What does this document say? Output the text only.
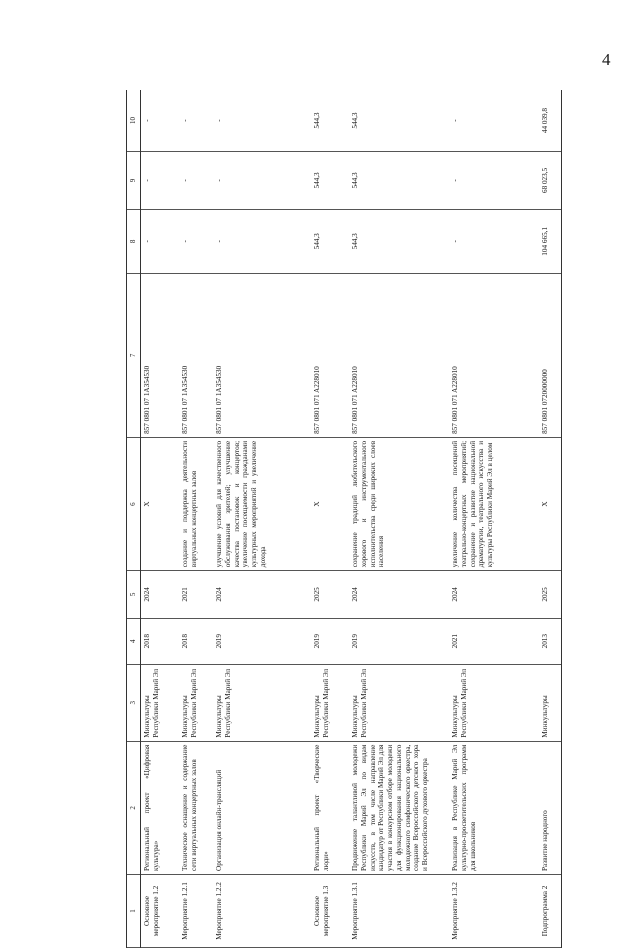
4
1	2	3	4	5	6	7	8	9	10
Основное мероприятие 1.2	Региональный проект «Цифровая культура»	Минкультуры Республики Марий Эл	2018	2024	Х	857 0801 07 1A354530	-	-	-
Мероприятие 1.2.1	Техническое оснащение и содержание сети виртуальных концертных залов	Минкультуры Республики Марий Эл	2018	2021	создание и поддержка деятельности виртуальных концертных залов	857 0801 07 1A354530	-	-	-
Мероприятие 1.2.2	Организация онлайн-трансляций	Минкультуры Республики Марий Эл	2019	2024	улучшение условий для качественного обслуживания зрителей; улучшение качества постановок и концертов; увеличение посещаемости гражданами культурных мероприятий и увеличение дохода	857 0801 07 1A354530	-	-	-
Основное мероприятие 1.3	Региональный проект «Творческие люди»	Минкультуры Республики Марий Эл	2019	2025	Х	857 0801 071 A228010	544,3	544,3	544,3
Мероприятие 1.3.1	Продвижение талантливой молодежи Республики Марий Эл по видам искусств, в том числе направление кандидатур от Республики Марий Эл для участия в конкурсном отборе молодежи для функционирования национального молодежного симфонического оркестра, создание Всероссийского детского хора и Всероссийского духового оркестра	Минкультуры Республики Марий Эл	2019	2024	сохранение традиций любительского хорового и инструментального исполнительства среди широких слоев населения	857 0801 071 A228010	544,3	544,3	544,3
Мероприятие 1.3.2	Реализация в Республике Марий Эл культурно-просветительских программ для школьников	Минкультуры Республики Марий Эл	2021	2024	увеличение количества посещений театрально-концертных мероприятий; сохранение и развитие национальной драматургии, театрального искусства и культуры Республики Марий Эл в целом	857 0801 071 A228010	-	-	-
Подпрограмма 2	Развитие народного	Минкультуры	2013	2025	Х	857 0801 0720000000	104 665,1	68 023,5	44 039,8
